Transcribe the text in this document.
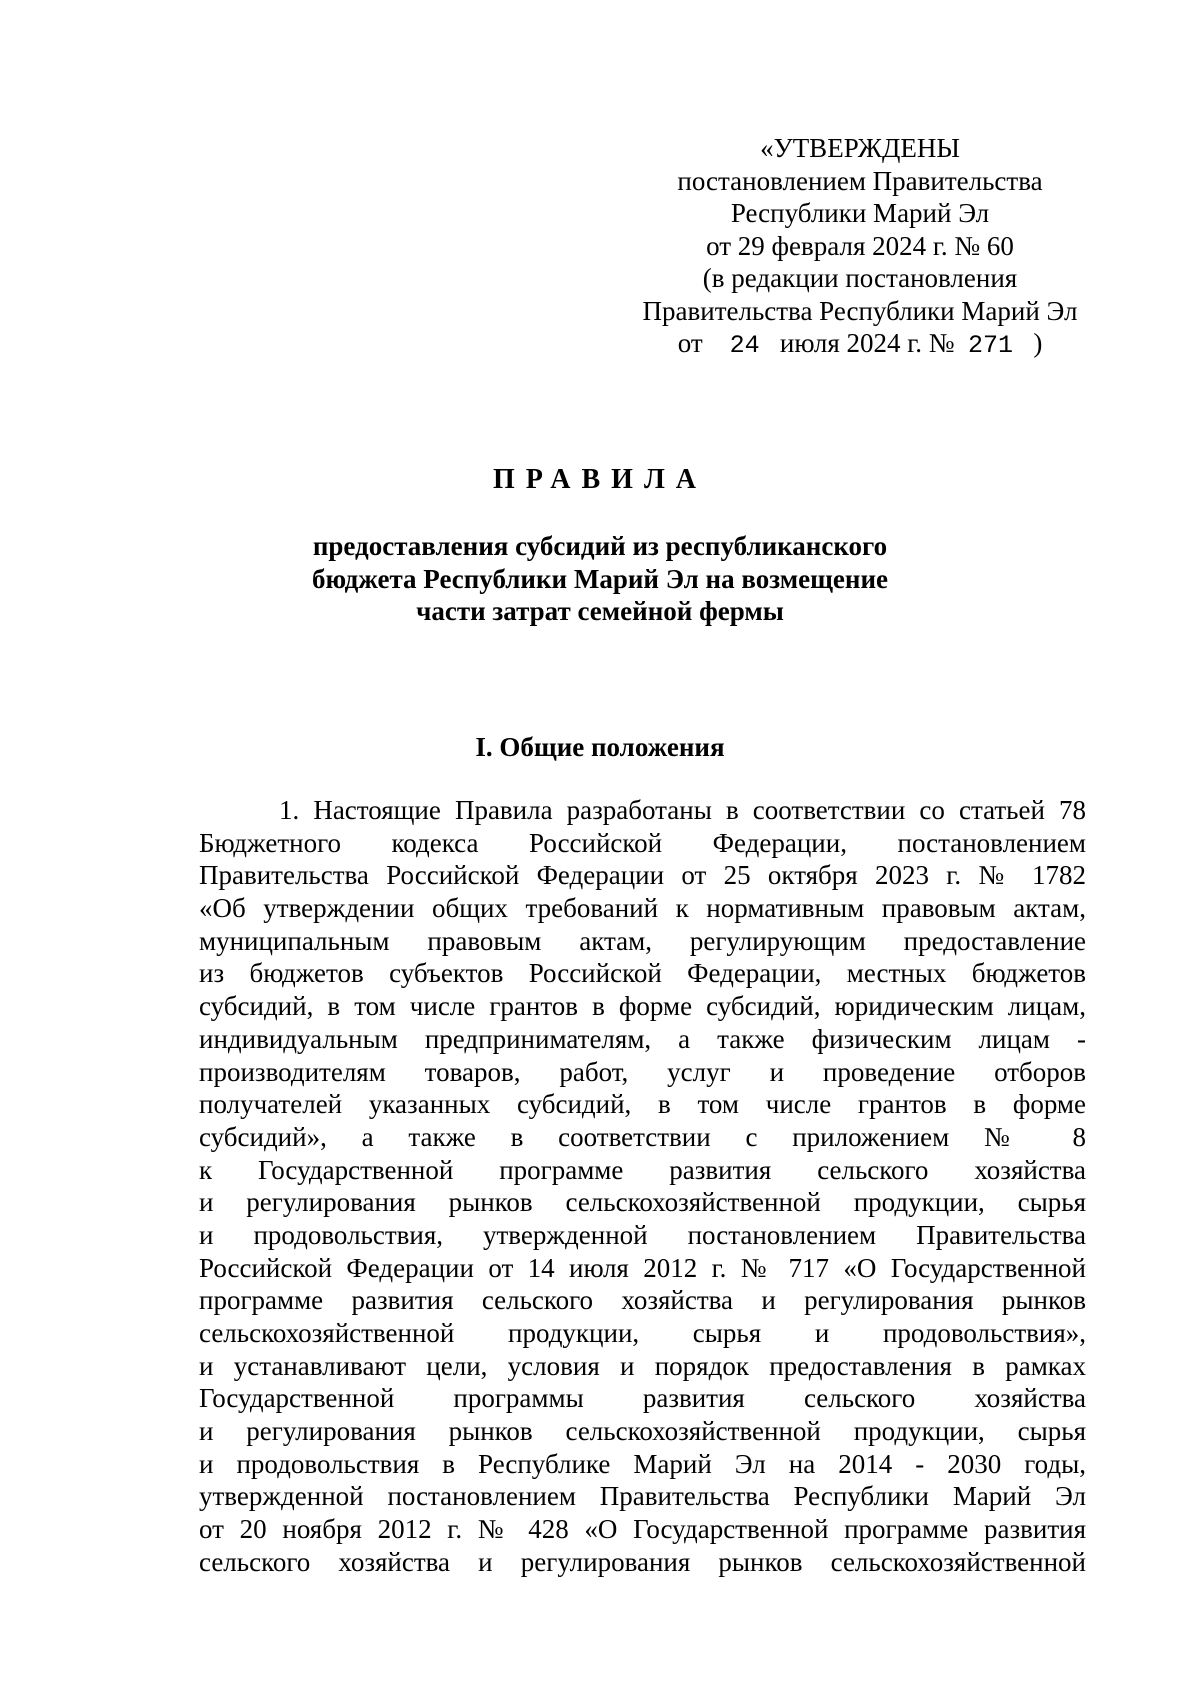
«УТВЕРЖДЕНЫ
постановлением Правительства
Республики Марий Эл
от 29 февраля 2024 г. № 60
(в редакции постановления
Правительства Республики Марий Эл
от 24 июля 2024 г. № 271 )
ПРАВИЛА
предоставления субсидий из республиканского
бюджета Республики Марий Эл на возмещение
части затрат семейной фермы
I. Общие положения
1. Настоящие Правила разработаны в соответствии со статьей 78
Бюджетного кодекса Российской Федерации, постановлением
Правительства Российской Федерации от 25 октября 2023 г. № 1782
«Об утверждении общих требований к нормативным правовым актам,
муниципальным правовым актам, регулирующим предоставление
из бюджетов субъектов Российской Федерации, местных бюджетов
субсидий, в том числе грантов в форме субсидий, юридическим лицам,
индивидуальным предпринимателям, а также физическим лицам -
производителям товаров, работ, услуг и проведение отборов
получателей указанных субсидий, в том числе грантов в форме
субсидий», а также в соответствии с приложением № 8
к Государственной программе развития сельского хозяйства
и регулирования рынков сельскохозяйственной продукции, сырья
и продовольствия, утвержденной постановлением Правительства
Российской Федерации от 14 июля 2012 г. № 717 «О Государственной
программе развития сельского хозяйства и регулирования рынков
сельскохозяйственной продукции, сырья и продовольствия»,
и устанавливают цели, условия и порядок предоставления в рамках
Государственной программы развития сельского хозяйства
и регулирования рынков сельскохозяйственной продукции, сырья
и продовольствия в Республике Марий Эл на 2014 - 2030 годы,
утвержденной постановлением Правительства Республики Марий Эл
от 20 ноября 2012 г. № 428 «О Государственной программе развития
сельского хозяйства и регулирования рынков сельскохозяйственной
